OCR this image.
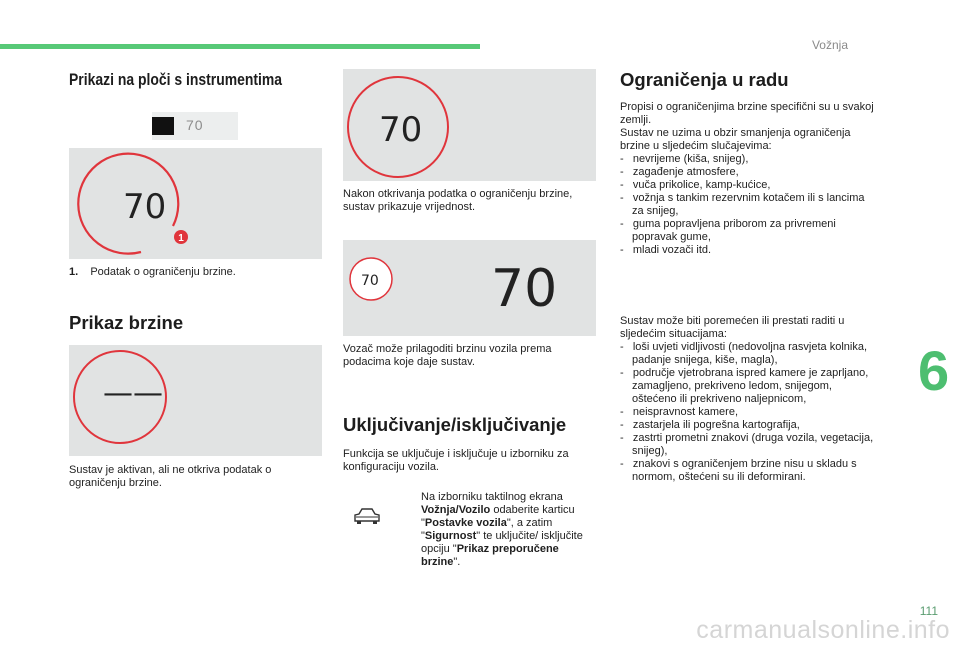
Vožnja
Prikazi na ploči s instrumentima
70
70
1
1. Podatak o ograničenju brzine.
Prikaz brzine
——
Sustav je aktivan, ali ne otkriva podatak o ograničenju brzine.
70
Nakon otkrivanja podatka o ograničenju brzine, sustav prikazuje vrijednost.
70 70
Vozač može prilagoditi brzinu vozila prema podacima koje daje sustav.
Uključivanje/isključivanje
Funkcija se uključuje i isključuje u izborniku za konfiguraciju vozila.
Na izborniku taktilnog ekrana Vožnja/Vozilo odaberite karticu "Postavke vozila", a zatim "Sigurnost" te uključite/ isključite opciju "Prikaz preporučene brzine".
Ograničenja u radu
Propisi o ograničenjima brzine specifični su u svakoj zemlji.
Sustav ne uzima u obzir smanjenja ograničenja brzine u sljedećim slučajevima:
-   nevrijeme (kiša, snijeg),
-   zagađenje atmosfere,
-   vuča prikolice, kamp-kućice,
-   vožnja s tankim rezervnim kotačem ili s lancima za snijeg,
-   guma popravljena priborom za privremeni popravak gume,
-   mladi vozači itd.
Sustav može biti poremećen ili prestati raditi u sljedećim situacijama:
-   loši uvjeti vidljivosti (nedovoljna rasvjeta kolnika, padanje snijega, kiše, magla),
-   područje vjetrobrana ispred kamere je zaprljano, zamagljeno, prekriveno ledom, snijegom, oštećeno ili prekriveno naljepnicom,
-   neispravnost kamere,
-   zastarjela ili pogrešna kartografija,
-   zastrti prometni znakovi (druga vozila, vegetacija, snijeg),
-   znakovi s ograničenjem brzine nisu u skladu s normom, oštećeni su ili deformirani.
6
111
carmanualsonline.info
